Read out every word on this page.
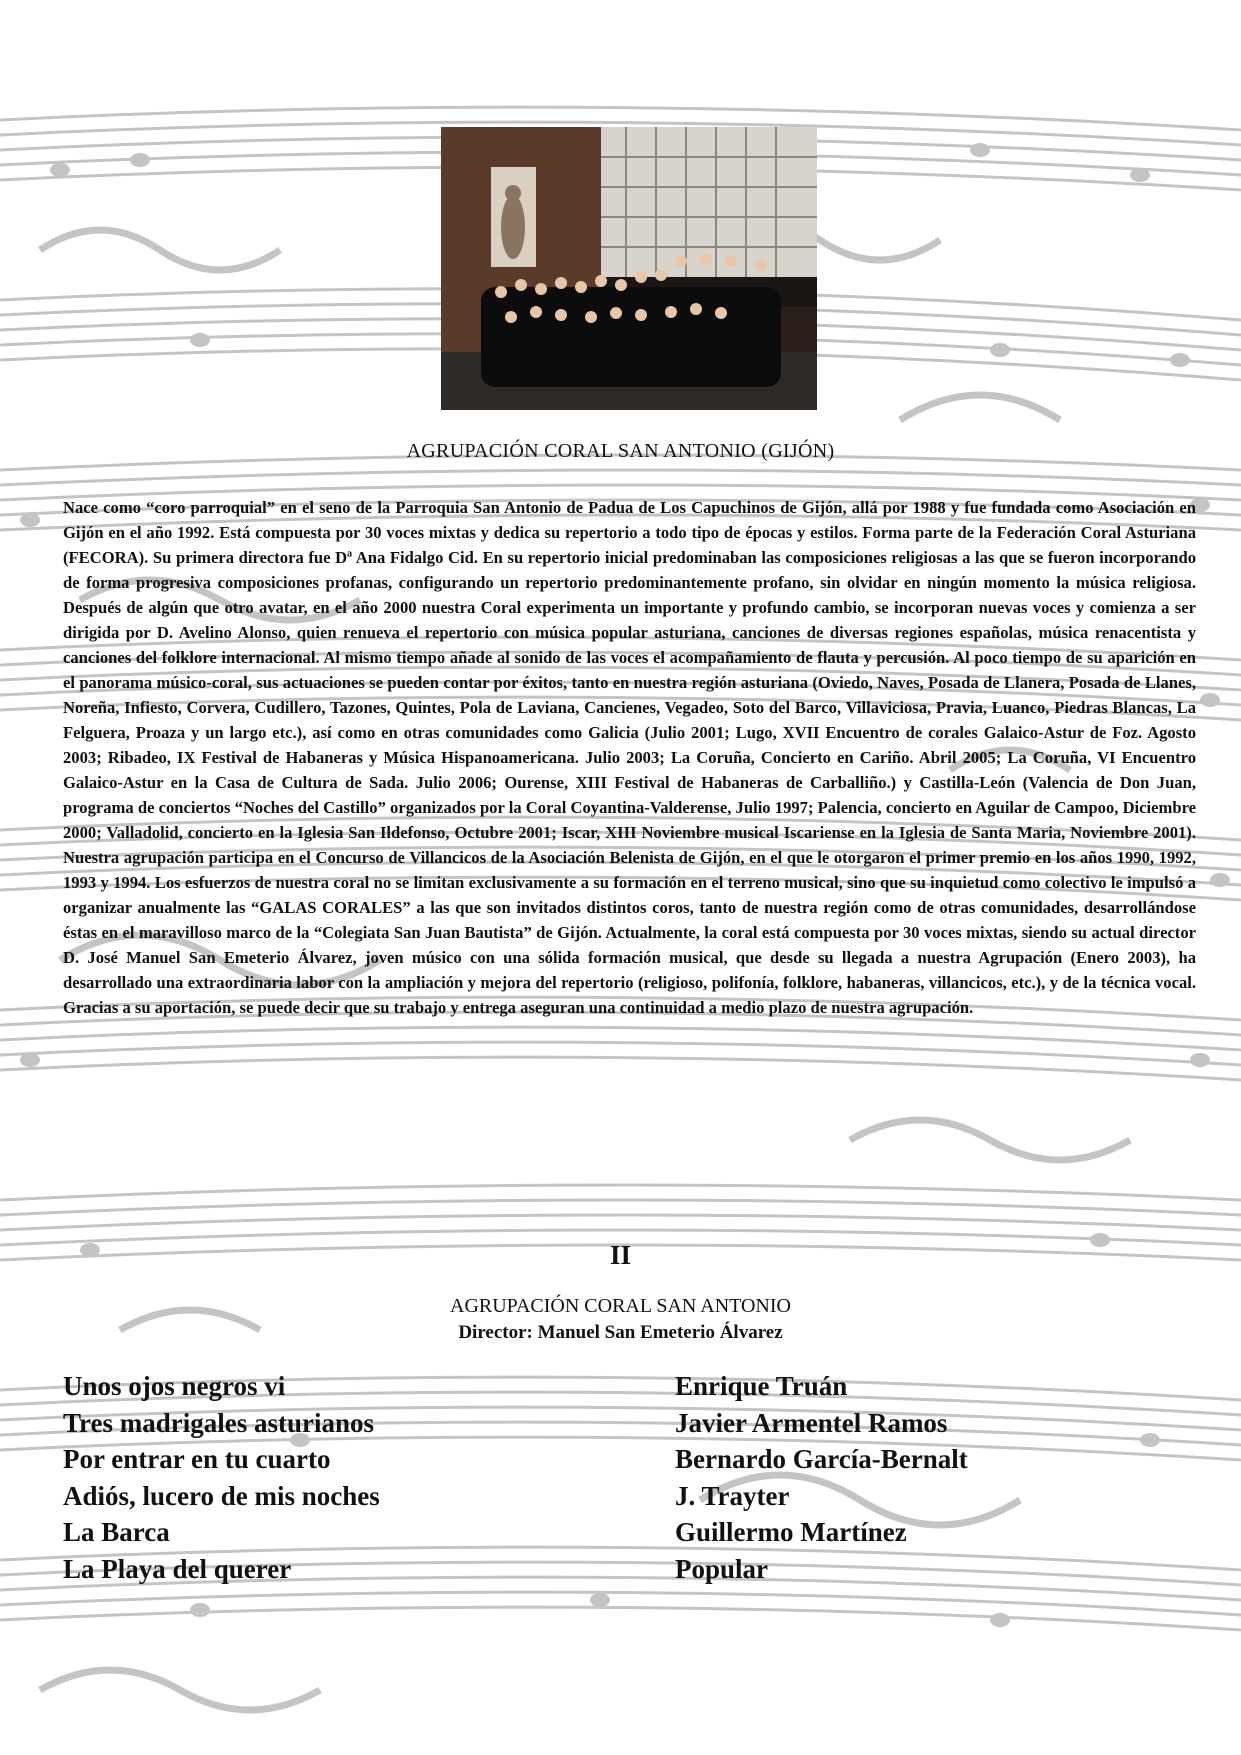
AGRUPACIÓN CORAL SAN ANTONIO (GIJÓN)

Nace como “coro parroquial” en el seno de la Parroquia San Antonio de Padua de Los Capuchinos de Gijón, allá por 1988 y fue fundada como Asociación en Gijón en el año 1992. Está compuesta por 30 voces mixtas y dedica su repertorio a todo tipo de épocas y estilos. Forma parte de la Federación Coral Asturiana (FECORA). Su primera directora fue Dª Ana Fidalgo Cid. En su repertorio inicial predominaban las composiciones religiosas a las que se fueron incorporando de forma progresiva composiciones profanas, configurando un repertorio predominantemente profano, sin olvidar en ningún momento la música religiosa. Después de algún que otro avatar, en el año 2000 nuestra Coral experimenta un importante y profundo cambio, se incorporan nuevas voces y comienza a ser dirigida por D. Avelino Alonso, quien renueva el repertorio con música popular asturiana, canciones de diversas regiones españolas, música renacentista y canciones del folklore internacional. Al mismo tiempo añade al sonido de las voces el acompañamiento de flauta y percusión. Al poco tiempo de su aparición en el panorama músico-coral, sus actuaciones se pueden contar por éxitos, tanto en nuestra región asturiana (Oviedo, Naves, Posada de Llanera, Posada de Llanes, Noreña, Infiesto, Corvera, Cudillero, Tazones, Quintes, Pola de Laviana, Cancienes, Vegadeo, Soto del Barco, Villaviciosa, Pravia, Luanco, Piedras Blancas, La Felguera, Proaza y un largo etc.), así como en otras comunidades como Galicia (Julio 2001; Lugo, XVII Encuentro de corales Galaico-Astur de Foz. Agosto 2003; Ribadeo, IX Festival de Habaneras y Música Hispanoamericana. Julio 2003; La Coruña, Concierto en Cariño. Abril 2005; La Coruña, VI Encuentro Galaico-Astur en la Casa de Cultura de Sada. Julio 2006; Ourense, XIII Festival de Habaneras de Carballiño.) y Castilla-León (Valencia de Don Juan, programa de conciertos “Noches del Castillo” organizados por la Coral Coyantina-Valderense, Julio 1997; Palencia, concierto en Aguilar de Campoo, Diciembre 2000; Valladolid, concierto en la Iglesia San Ildefonso, Octubre 2001; Iscar, XIII Noviembre musical Iscariense en la Iglesia de Santa Maria, Noviembre 2001). Nuestra agrupación participa en el Concurso de Villancicos de la Asociación Belenista de Gijón, en el que le otorgaron el primer premio en los años 1990, 1992, 1993 y 1994. Los esfuerzos de nuestra coral no se limitan exclusivamente a su formación en el terreno musical, sino que su inquietud como colectivo le impulsó a organizar anualmente las “GALAS CORALES” a las que son invitados distintos coros, tanto de nuestra región como de otras comunidades, desarrollándose éstas en el maravilloso marco de la “Colegiata San Juan Bautista” de Gijón. Actualmente, la coral está compuesta por 30 voces mixtas, siendo su actual director D. José Manuel San Emeterio Álvarez, joven músico con una sólida formación musical, que desde su llegada a nuestra Agrupación (Enero 2003), ha desarrollado una extraordinaria labor con la ampliación y mejora del repertorio (religioso, polifonía, folklore, habaneras, villancicos, etc.), y de la técnica vocal. Gracias a su aportación, se puede decir que su trabajo y entrega aseguran una continuidad a medio plazo de nuestra agrupación.

II
AGRUPACIÓN CORAL SAN ANTONIO
Director: Manuel San Emeterio Álvarez
Unos ojos negros vi	Enrique Truán
Tres madrigales asturianos	Javier Armentel Ramos
Por entrar en tu cuarto	Bernardo García-Bernalt
Adiós, lucero de mis noches	J. Trayter
La Barca	Guillermo Martínez
La Playa del querer	Popular
